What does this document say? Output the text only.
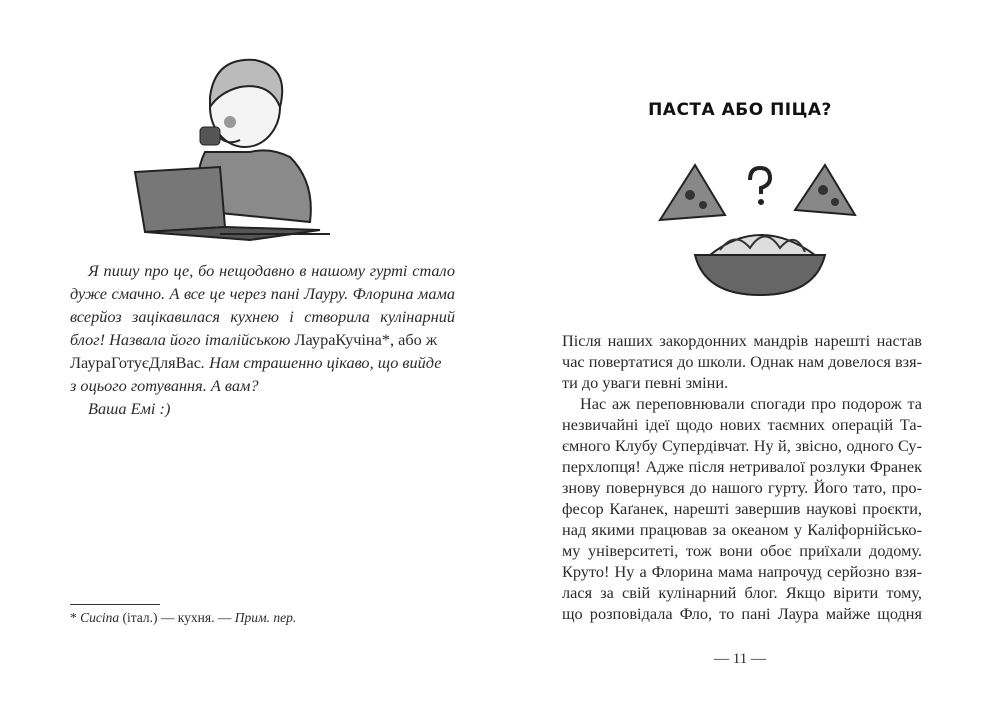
Я пишу про це, бо нещодавно в нашому гурті стало
дуже смачно. А все це через пані Лауру. Флорина мама
всерйоз зацікавилася кухнею і створила кулінарний
блог! Назвала його італійською ЛаураКучіна*, або ж
ЛаураГотуєДляВас. Нам страшенно цікаво, що вийде
з оцього готування. А вам?
Ваша Емі :)
* Cucina (італ.) — кухня. — Прим. пер.
ПАСТА АБО ПІЦА?
Після наших закордонних мандрів нарешті настав
час повертатися до школи. Однак нам довелося взя-
ти до уваги певні зміни.
Нас аж переповнювали спогади про подорож та
незвичайні ідеї щодо нових таємних операцій Та-
ємного Клубу Супердівчат. Ну й, звісно, одного Су-
перхлопця! Адже після нетривалої розлуки Франек
знову повернувся до нашого гурту. Його тато, про-
фесор Каґанек, нарешті завершив наукові проєкти,
над якими працював за океаном у Каліфорнійсько-
му університеті, тож вони обоє приїхали додому.
Круто! Ну а Флорина мама напрочуд серйозно взя-
лася за свій кулінарний блог. Якщо вірити тому,
що розповідала Фло, то пані Лаура майже щодня
— 11 —
